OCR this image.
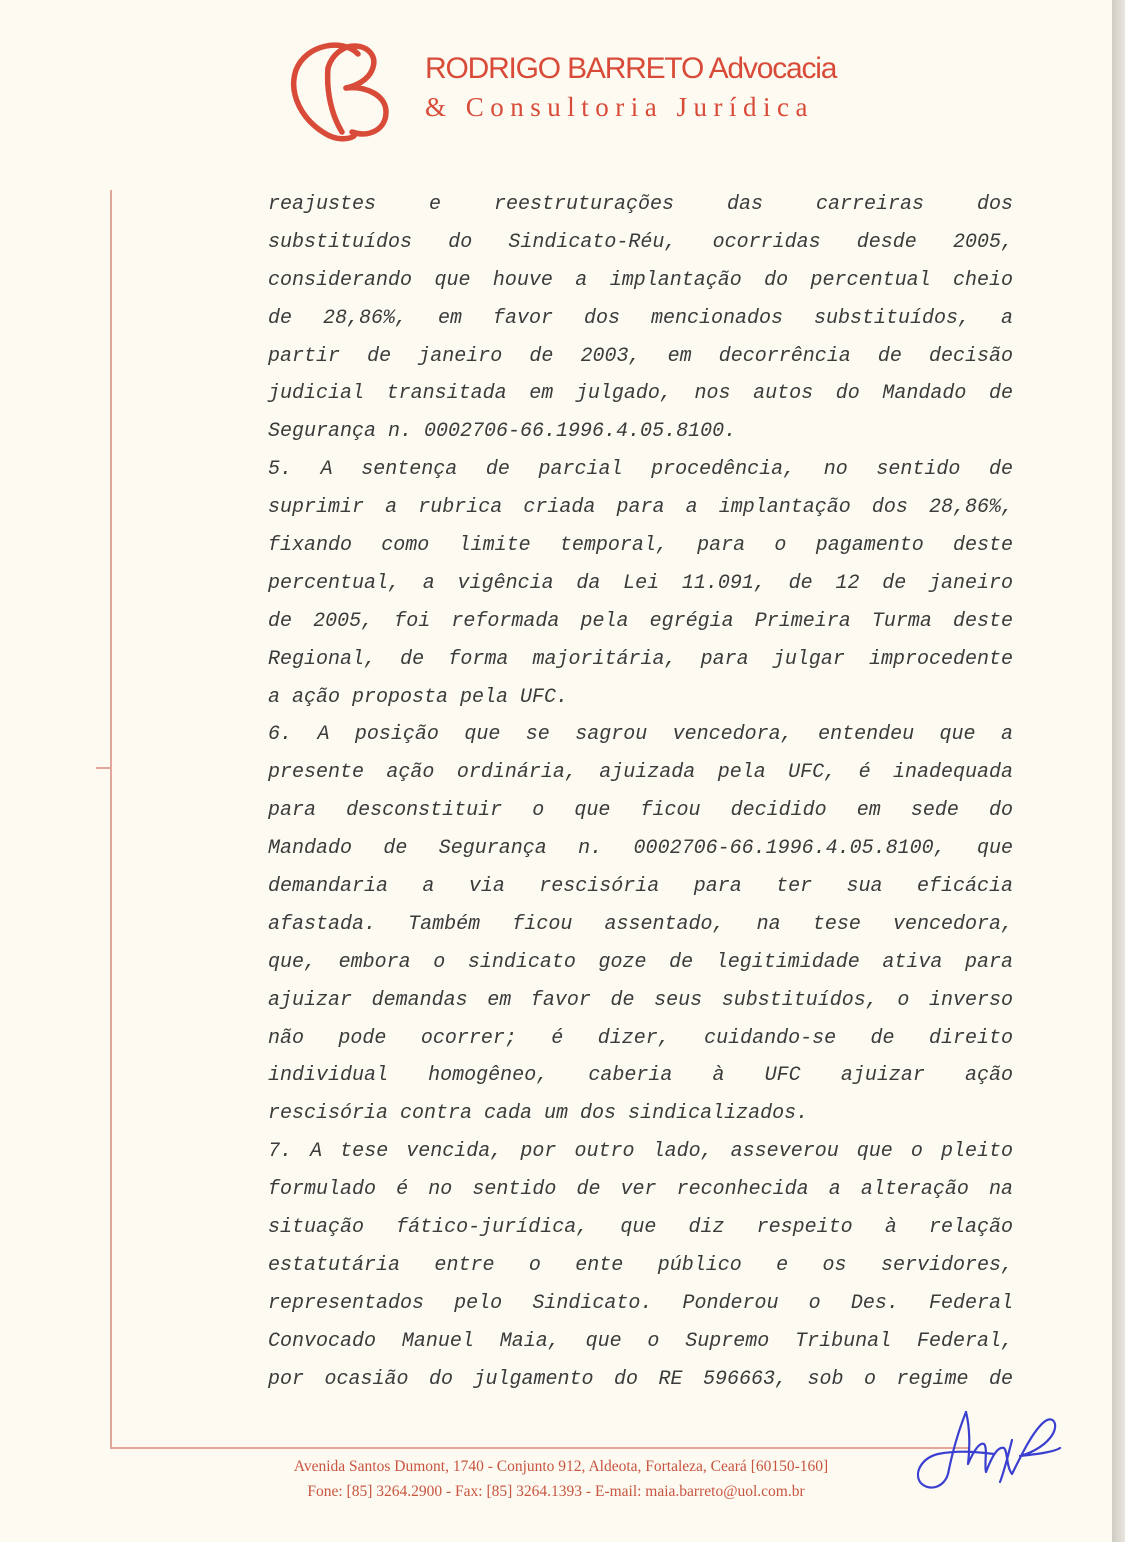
RODRIGO BARRETO Advocacia
& Consultoria Jurídica
reajustes e reestruturações das carreiras dos
substituídos do Sindicato-Réu, ocorridas desde 2005,
considerando que houve a implantação do percentual cheio
de 28,86%, em favor dos mencionados substituídos, a
partir de janeiro de 2003, em decorrência de decisão
judicial transitada em julgado, nos autos do Mandado de
Segurança n. 0002706-66.1996.4.05.8100.
5. A sentença de parcial procedência, no sentido de
suprimir a rubrica criada para a implantação dos 28,86%,
fixando como limite temporal, para o pagamento deste
percentual, a vigência da Lei 11.091, de 12 de janeiro
de 2005, foi reformada pela egrégia Primeira Turma deste
Regional, de forma majoritária, para julgar improcedente
a ação proposta pela UFC.
6. A posição que se sagrou vencedora, entendeu que a
presente ação ordinária, ajuizada pela UFC, é inadequada
para desconstituir o que ficou decidido em sede do
Mandado de Segurança n. 0002706-66.1996.4.05.8100, que
demandaria a via rescisória para ter sua eficácia
afastada. Também ficou assentado, na tese vencedora,
que, embora o sindicato goze de legitimidade ativa para
ajuizar demandas em favor de seus substituídos, o inverso
não pode ocorrer; é dizer, cuidando-se de direito
individual homogêneo, caberia à UFC ajuizar ação
rescisória contra cada um dos sindicalizados.
7. A tese vencida, por outro lado, asseverou que o pleito
formulado é no sentido de ver reconhecida a alteração na
situação fático-jurídica, que diz respeito à relação
estatutária entre o ente público e os servidores,
representados pelo Sindicato. Ponderou o Des. Federal
Convocado Manuel Maia, que o Supremo Tribunal Federal,
por ocasião do julgamento do RE 596663, sob o regime de
Avenida Santos Dumont, 1740 - Conjunto 912, Aldeota, Fortaleza, Ceará [60150-160]
Fone: [85] 3264.2900 - Fax: [85] 3264.1393 - E-mail: maia.barreto@uol.com.br
